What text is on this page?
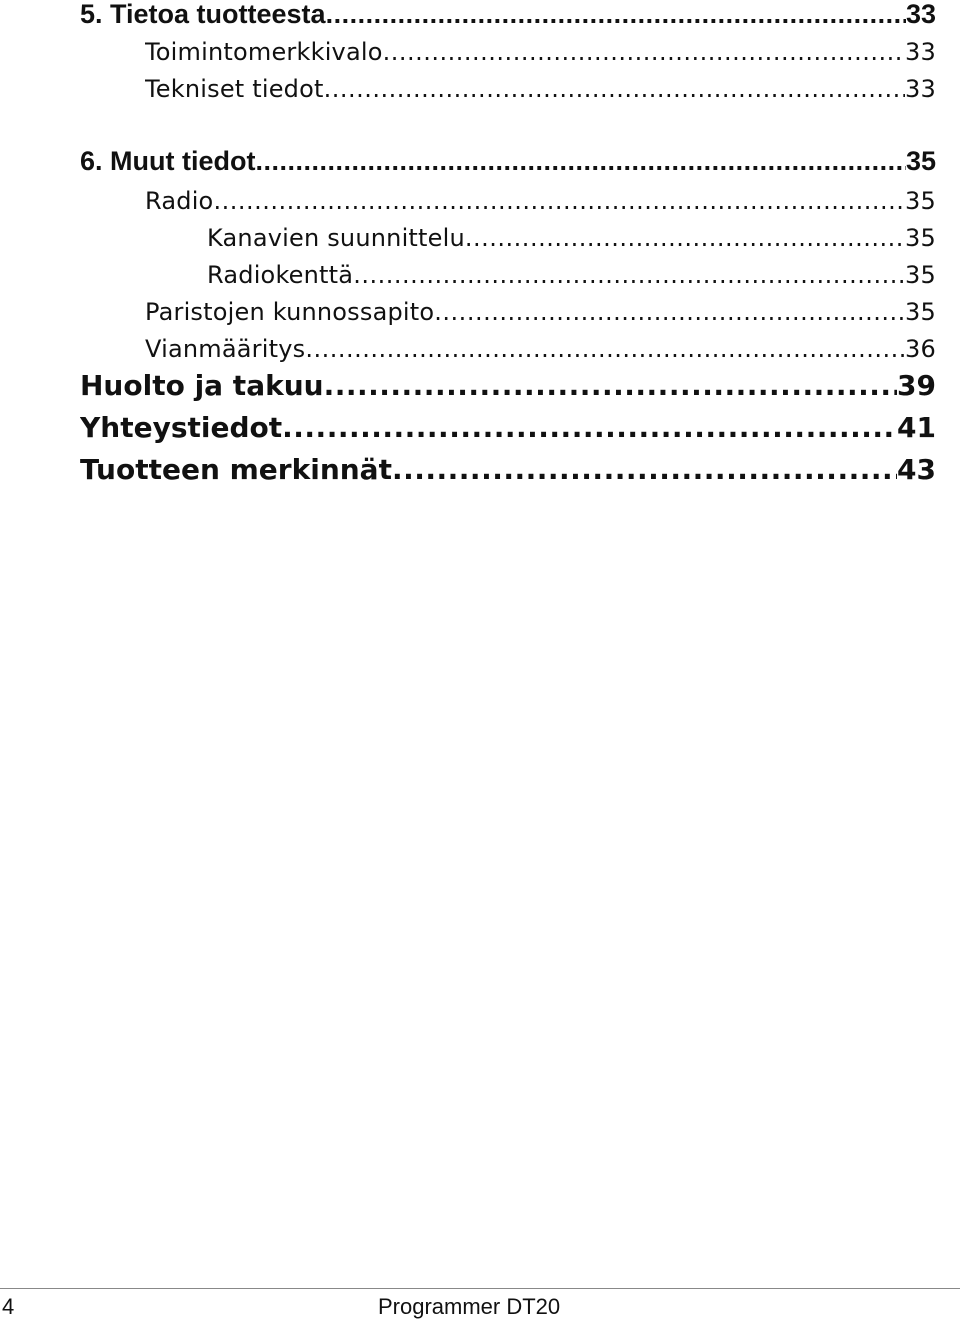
5. Tietoa tuotteesta .....	33
Toimintomerkkivalo .....	33
Tekniset tiedot .....	33
6. Muut tiedot .....	35
Radio .....	35
Kanavien suunnittelu .....	35
Radiokenttä .....	35
Paristojen kunnossapito .....	35
Vianmääritys .....	36
Huolto ja takuu .....	39
Yhteystiedot .....	41
Tuotteen merkinnät .....	43
4	Programmer DT20
